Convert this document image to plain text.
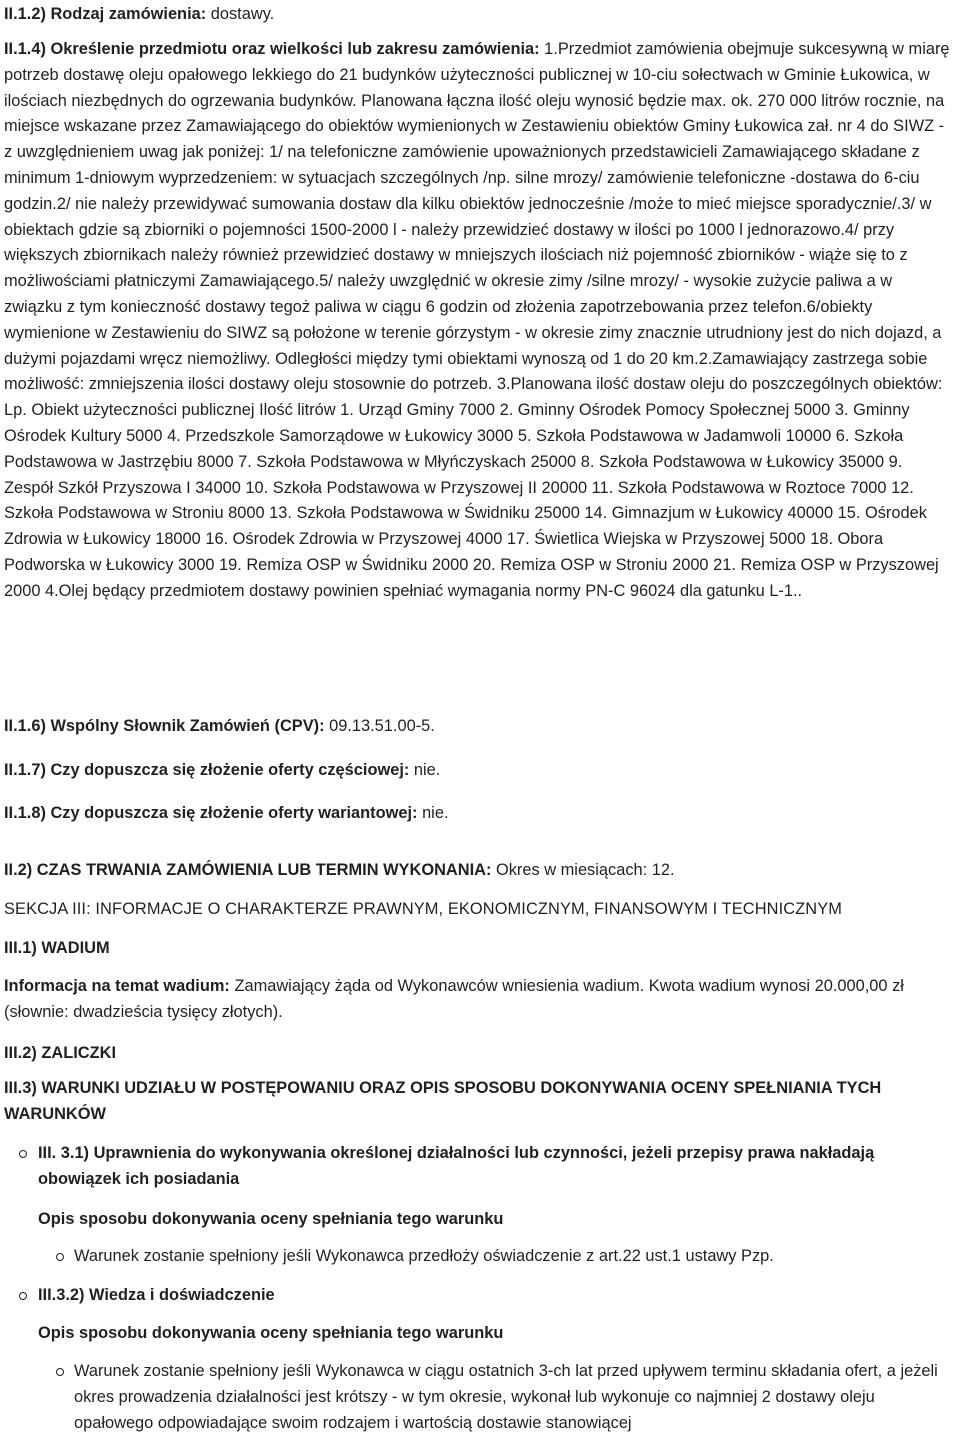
II.1.2) Rodzaj zamówienia: dostawy.

II.1.4) Określenie przedmiotu oraz wielkości lub zakresu zamówienia: 1.Przedmiot zamówienia obejmuje sukcesywną w miarę potrzeb dostawę oleju opałowego lekkiego do 21 budynków użyteczności publicznej w 10-ciu sołectwach w Gminie Łukowica, w ilościach niezbędnych do ogrzewania budynków. Planowana łączna ilość oleju wynosić będzie max. ok. 270 000 litrów rocznie, na miejsce wskazane przez Zamawiającego do obiektów wymienionych w Zestawieniu obiektów Gminy Łukowica zał. nr 4 do SIWZ - z uwzględnieniem uwag jak poniżej: 1/ na telefoniczne zamówienie upoważnionych przedstawicieli Zamawiającego składane z minimum 1-dniowym wyprzedzeniem: w sytuacjach szczególnych /np. silne mrozy/ zamówienie telefoniczne -dostawa do 6-ciu godzin.2/ nie należy przewidywać sumowania dostaw dla kilku obiektów jednocześnie /może to mieć miejsce sporadycznie/.3/ w obiektach gdzie są zbiorniki o pojemności 1500-2000 l - należy przewidzieć dostawy w ilości po 1000 l jednorazowo.4/ przy większych zbiornikach należy również przewidzieć dostawy w mniejszych ilościach niż pojemność zbiorników - wiąże się to z możliwościami płatniczymi Zamawiającego.5/ należy uwzględnić w okresie zimy /silne mrozy/ - wysokie zużycie paliwa a w związku z tym konieczność dostawy tegoż paliwa w ciągu 6 godzin od złożenia zapotrzebowania przez telefon.6/obiekty wymienione w Zestawieniu do SIWZ są położone w terenie górzystym - w okresie zimy znacznie utrudniony jest do nich dojazd, a dużymi pojazdami wręcz niemożliwy. Odległości między tymi obiektami wynoszą od 1 do 20 km.2.Zamawiający zastrzega sobie możliwość: zmniejszenia ilości dostawy oleju stosownie do potrzeb. 3.Planowana ilość dostaw oleju do poszczególnych obiektów: Lp. Obiekt użyteczności publicznej Ilość litrów 1. Urząd Gminy 7000 2. Gminny Ośrodek Pomocy Społecznej 5000 3. Gminny Ośrodek Kultury 5000 4. Przedszkole Samorządowe w Łukowicy 3000 5. Szkoła Podstawowa w Jadamwoli 10000 6. Szkoła Podstawowa w Jastrzębiu 8000 7. Szkoła Podstawowa w Młyńczyskach 25000 8. Szkoła Podstawowa w Łukowicy 35000 9. Zespół Szkół Przyszowa I 34000 10. Szkoła Podstawowa w Przyszowej II 20000 11. Szkoła Podstawowa w Roztoce 7000 12. Szkoła Podstawowa w Stroniu 8000 13. Szkoła Podstawowa w Świdniku 25000 14. Gimnazjum w Łukowicy 40000 15. Ośrodek Zdrowia w Łukowicy 18000 16. Ośrodek Zdrowia w Przyszowej 4000 17. Świetlica Wiejska w Przyszowej 5000 18. Obora Podworska w Łukowicy 3000 19. Remiza OSP w Świdniku 2000 20. Remiza OSP w Stroniu 2000 21. Remiza OSP w Przyszowej 2000 4.Olej będący przedmiotem dostawy powinien spełniać wymagania normy PN-C 96024 dla gatunku L-1..

II.1.6) Wspólny Słownik Zamówień (CPV): 09.13.51.00-5.

II.1.7) Czy dopuszcza się złożenie oferty częściowej: nie.

II.1.8) Czy dopuszcza się złożenie oferty wariantowej: nie.

II.2) CZAS TRWANIA ZAMÓWIENIA LUB TERMIN WYKONANIA: Okres w miesiącach: 12.

SEKCJA III: INFORMACJE O CHARAKTERZE PRAWNYM, EKONOMICZNYM, FINANSOWYM I TECHNICZNYM

III.1) WADIUM

Informacja na temat wadium: Zamawiający żąda od Wykonawców wniesienia wadium. Kwota wadium wynosi 20.000,00 zł (słownie: dwadzieścia tysięcy złotych).

III.2) ZALICZKI

III.3) WARUNKI UDZIAŁU W POSTĘPOWANIU ORAZ OPIS SPOSOBU DOKONYWANIA OCENY SPEŁNIANIA TYCH WARUNKÓW

III. 3.1) Uprawnienia do wykonywania określonej działalności lub czynności, jeżeli przepisy prawa nakładają obowiązek ich posiadania

Opis sposobu dokonywania oceny spełniania tego warunku

Warunek zostanie spełniony jeśli Wykonawca przedłoży oświadczenie z art.22 ust.1 ustawy Pzp.

III.3.2) Wiedza i doświadczenie

Opis sposobu dokonywania oceny spełniania tego warunku

Warunek zostanie spełniony jeśli Wykonawca w ciągu ostatnich 3-ch lat przed upływem terminu składania ofert, a jeżeli okres prowadzenia działalności jest krótszy - w tym okresie, wykonał lub wykonuje co najmniej 2 dostawy oleju opałowego odpowiadające swoim rodzajem i wartością dostawie stanowiącej
